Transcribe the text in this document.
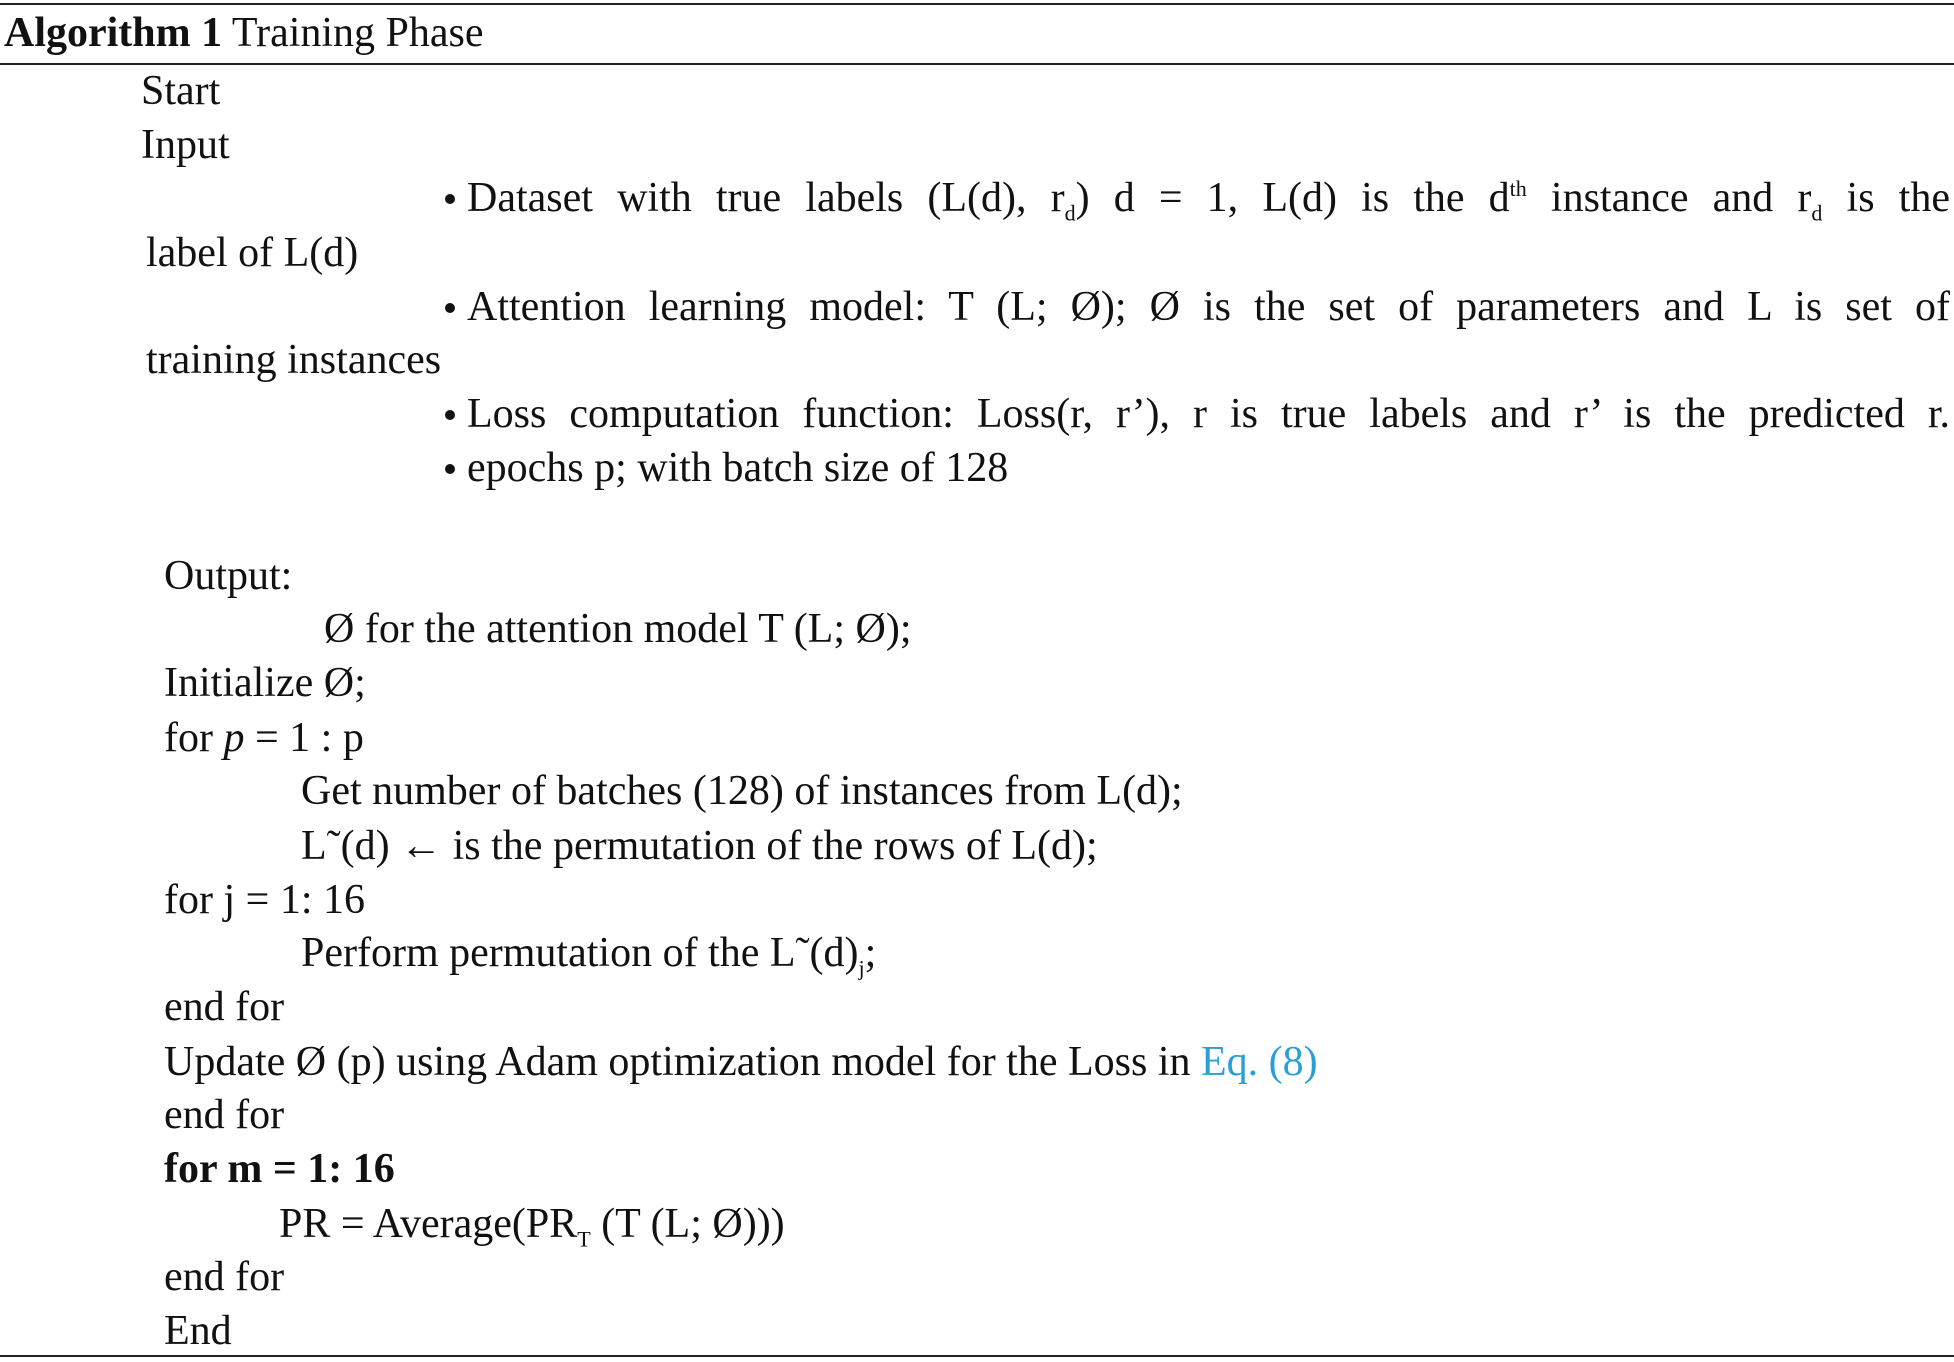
Algorithm 1 Training Phase
Start
Input
Dataset with true labels (L(d), $r_d$) d = 1, L(d) is the $d^{th}$ instance and $r_d$ is the
label of L(d)
Attention learning model: T (L; Ø); Ø is the set of parameters and L is set of
training instances
Loss computation function: Loss(r, r’), r is true labels and r’ is the predicted r.
epochs p; with batch size of 128
Output:
Ø for the attention model T (L; Ø);
Initialize Ø;
for p = 1 : p
Get number of batches (128) of instances from L(d);
L˜(d) ← is the permutation of the rows of L(d);
for j = 1: 16
Perform permutation of the $L˜(d)_j$;
end for
Update Ø (p) using Adam optimization model for the Loss in Eq. (8)
end for
for m = 1: 16
PR = $Average(PR_T$ (T (L; Ø)))
end for
End
